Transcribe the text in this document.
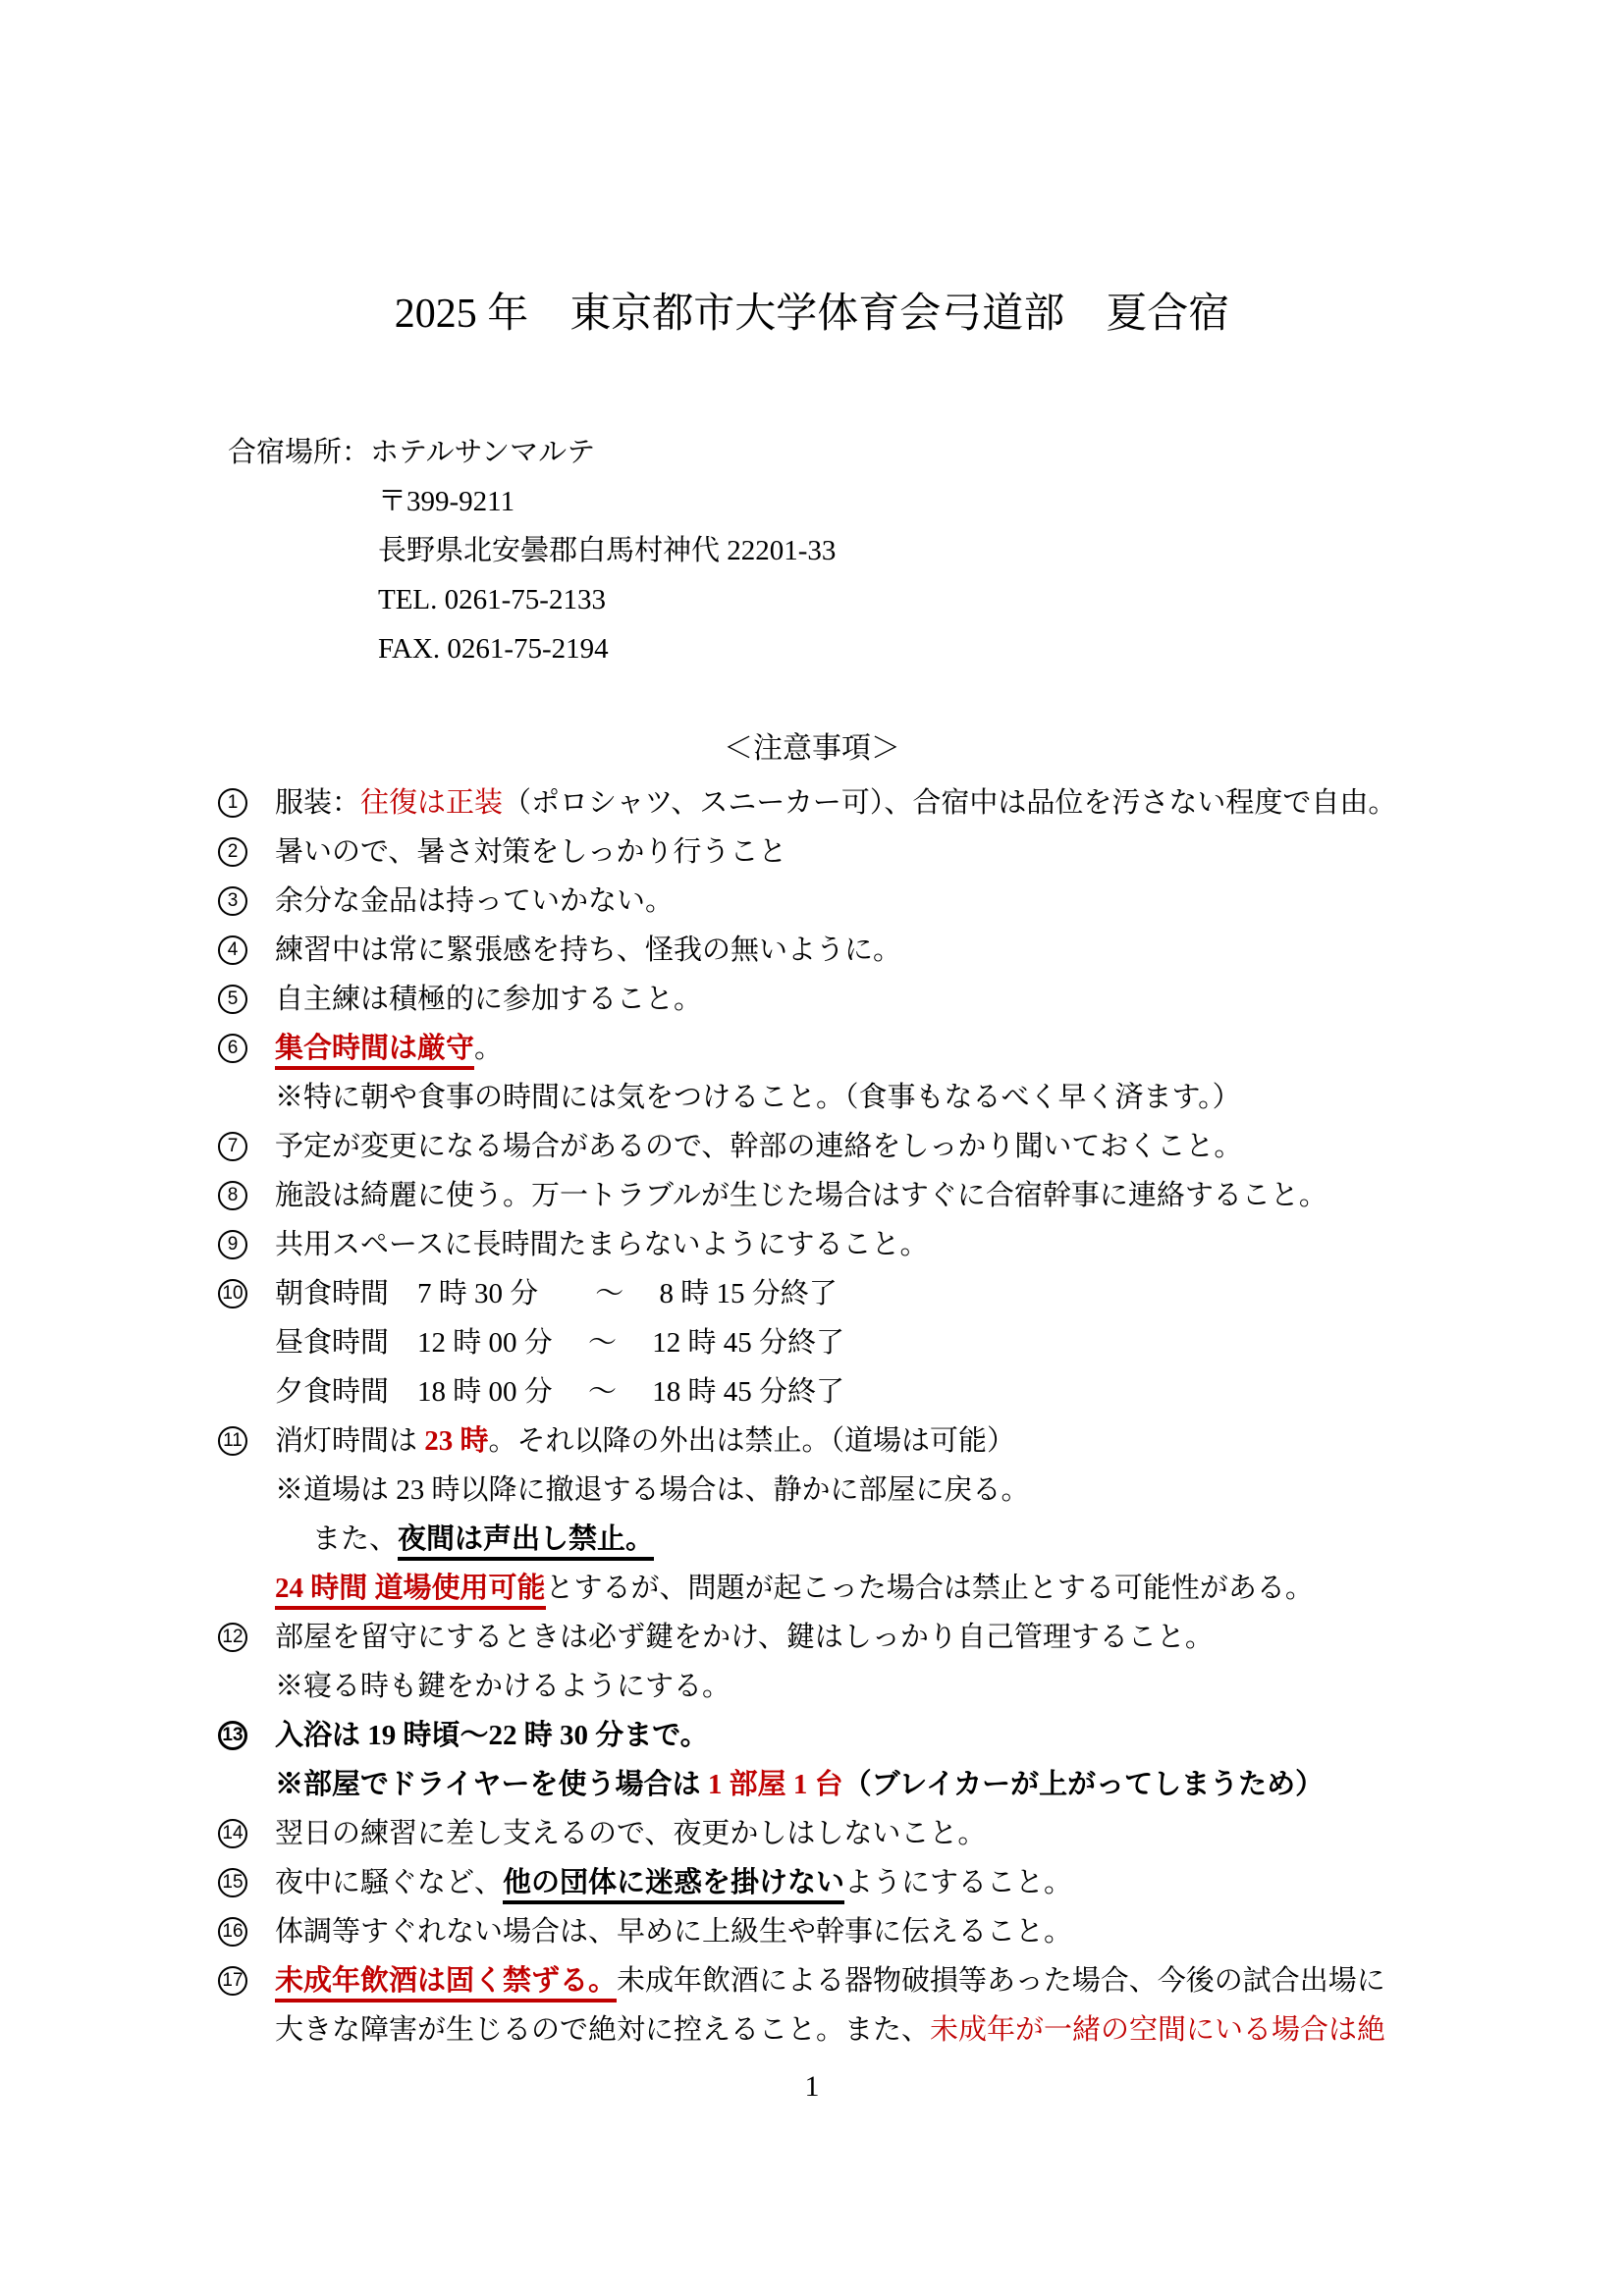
2025 年　東京都市大学体育会弓道部　夏合宿
合宿場所：ホテルサンマルテ
〒399-9211
長野県北安曇郡白馬村神代 22201-33
TEL. 0261-75-2133
FAX. 0261-75-2194
＜注意事項＞
1	服装：往復は正装（ポロシャツ、スニーカー可）、合宿中は品位を汚さない程度で自由。
2	暑いので、暑さ対策をしっかり行うこと
3	余分な金品は持っていかない。
4	練習中は常に緊張感を持ち、怪我の無いように。
5	自主練は積極的に参加すること。
6	集合時間は厳守。
※特に朝や食事の時間には気をつけること。（食事もなるべく早く済ます。）
7	予定が変更になる場合があるので、幹部の連絡をしっかり聞いておくこと。
8	施設は綺麗に使う。万一トラブルが生じた場合はすぐに合宿幹事に連絡すること。
9	共用スペースに長時間たまらないようにすること。
10 朝食時間　7 時 30 分　　～　 8 時 15 分終了
昼食時間　12 時 00 分　 ～　 12 時 45 分終了
夕食時間　18 時 00 分　 ～　 18 時 45 分終了
11 消灯時間は 23 時。それ以降の外出は禁止。（道場は可能）
※道場は 23 時以降に撤退する場合は、静かに部屋に戻る。
また、夜間は声出し禁止。
24 時間 道場使用可能とするが、問題が起こった場合は禁止とする可能性がある。
12 部屋を留守にするときは必ず鍵をかけ、鍵はしっかり自己管理すること。
※寝る時も鍵をかけるようにする。
13 入浴は 19 時頃～22 時 30 分まで。
※部屋でドライヤーを使う場合は 1 部屋 1 台（ブレイカーが上がってしまうため）
14 翌日の練習に差し支えるので、夜更かしはしないこと。
15 夜中に騒ぐなど、他の団体に迷惑を掛けないようにすること。
16 体調等すぐれない場合は、早めに上級生や幹事に伝えること。
17 未成年飲酒は固く禁ずる。未成年飲酒による器物破損等あった場合、今後の試合出場に
大きな障害が生じるので絶対に控えること。また、未成年が一緒の空間にいる場合は絶
1
